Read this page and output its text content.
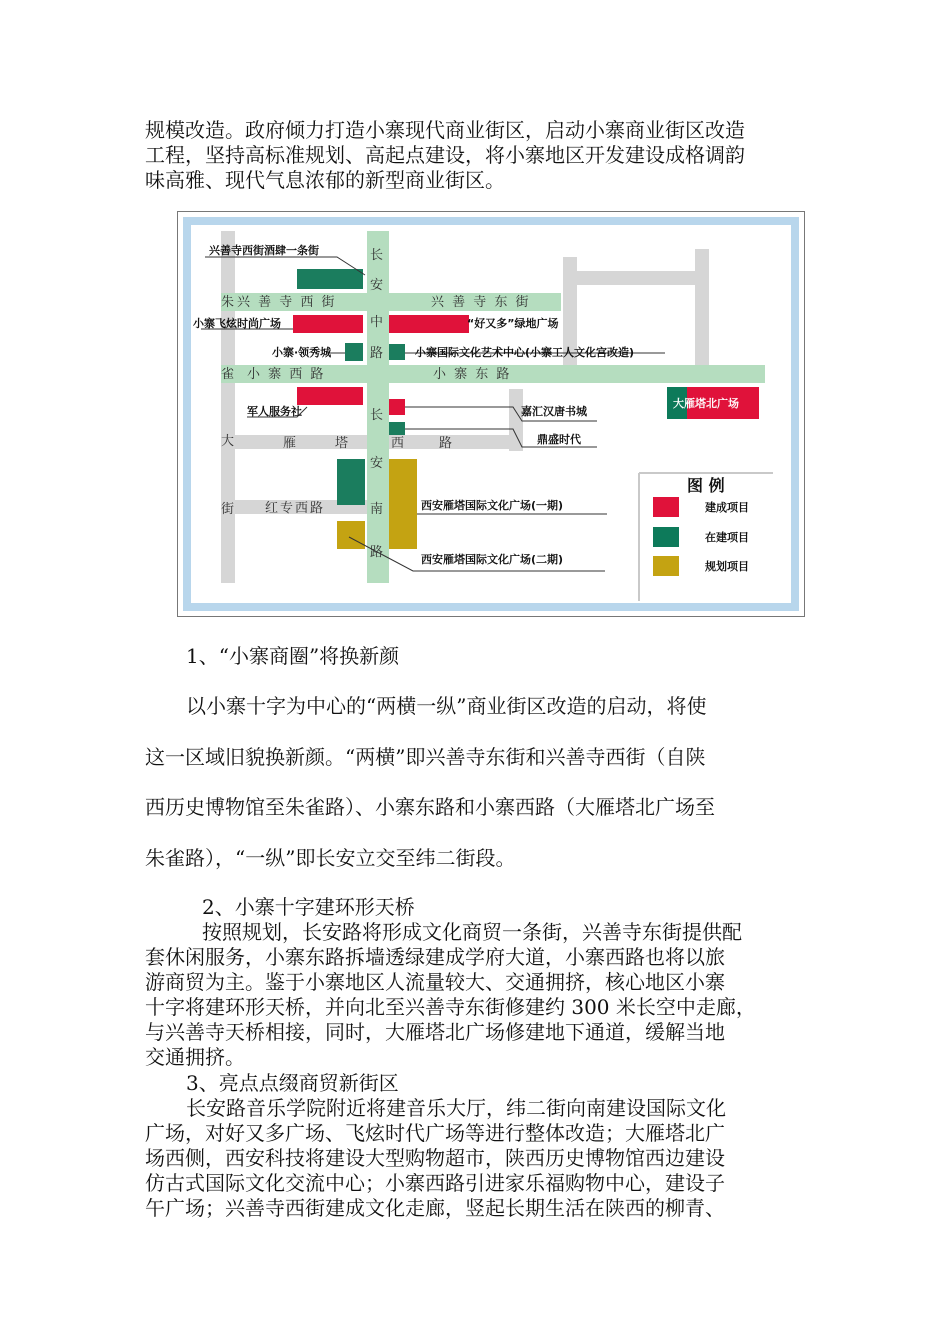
规模改造。政府倾力打造小寨现代商业街区，启动小寨商业街区改造

工程，坚持高标准规划、高起点建设，将小寨地区开发建设成格调韵

味高雅、现代气息浓郁的新型商业街区。

兴善寺西街酒肆一条街
小寨飞炫时尚广场	“好又多”绿地广场
小寨·领秀城	小寨国际文化艺术中心(小寨工人文化宫改造)
军人服务社	嘉汇汉唐书城
鼎盛时代
大雁塔北广场
西安雁塔国际文化广场(一期)
西安雁塔国际文化广场(二期)
兴 善 寺 西 街	兴 善 寺 东 街
小 寨 西 路	小 寨 东 路
雁	塔	西	路
红专西路
长
安
中
路
长
安
南
路
朱
雀
大
街
图 例
建成项目
在建项目
规划项目

1、“小寨商圈”将换新颜

以小寨十字为中心的“两横一纵”商业街区改造的启动，将使

这一区域旧貌换新颜。“两横”即兴善寺东街和兴善寺西街（自陕

西历史博物馆至朱雀路）、小寨东路和小寨西路（大雁塔北广场至

朱雀路），“一纵”即长安立交至纬二街段。

2、小寨十字建环形天桥

按照规划，长安路将形成文化商贸一条街，兴善寺东街提供配

套休闲服务，小寨东路拆墙透绿建成学府大道，小寨西路也将以旅

游商贸为主。鉴于小寨地区人流量较大、交通拥挤，核心地区小寨

十字将建环形天桥，并向北至兴善寺东街修建约 300 米长空中走廊，

与兴善寺天桥相接，同时，大雁塔北广场修建地下通道，缓解当地

交通拥挤。

3、亮点点缀商贸新街区

长安路音乐学院附近将建音乐大厅，纬二街向南建设国际文化

广场，对好又多广场、飞炫时代广场等进行整体改造；大雁塔北广

场西侧，西安科技将建设大型购物超市，陕西历史博物馆西边建设

仿古式国际文化交流中心；小寨西路引进家乐福购物中心，建设子

午广场；兴善寺西街建成文化走廊，竖起长期生活在陕西的柳青、
